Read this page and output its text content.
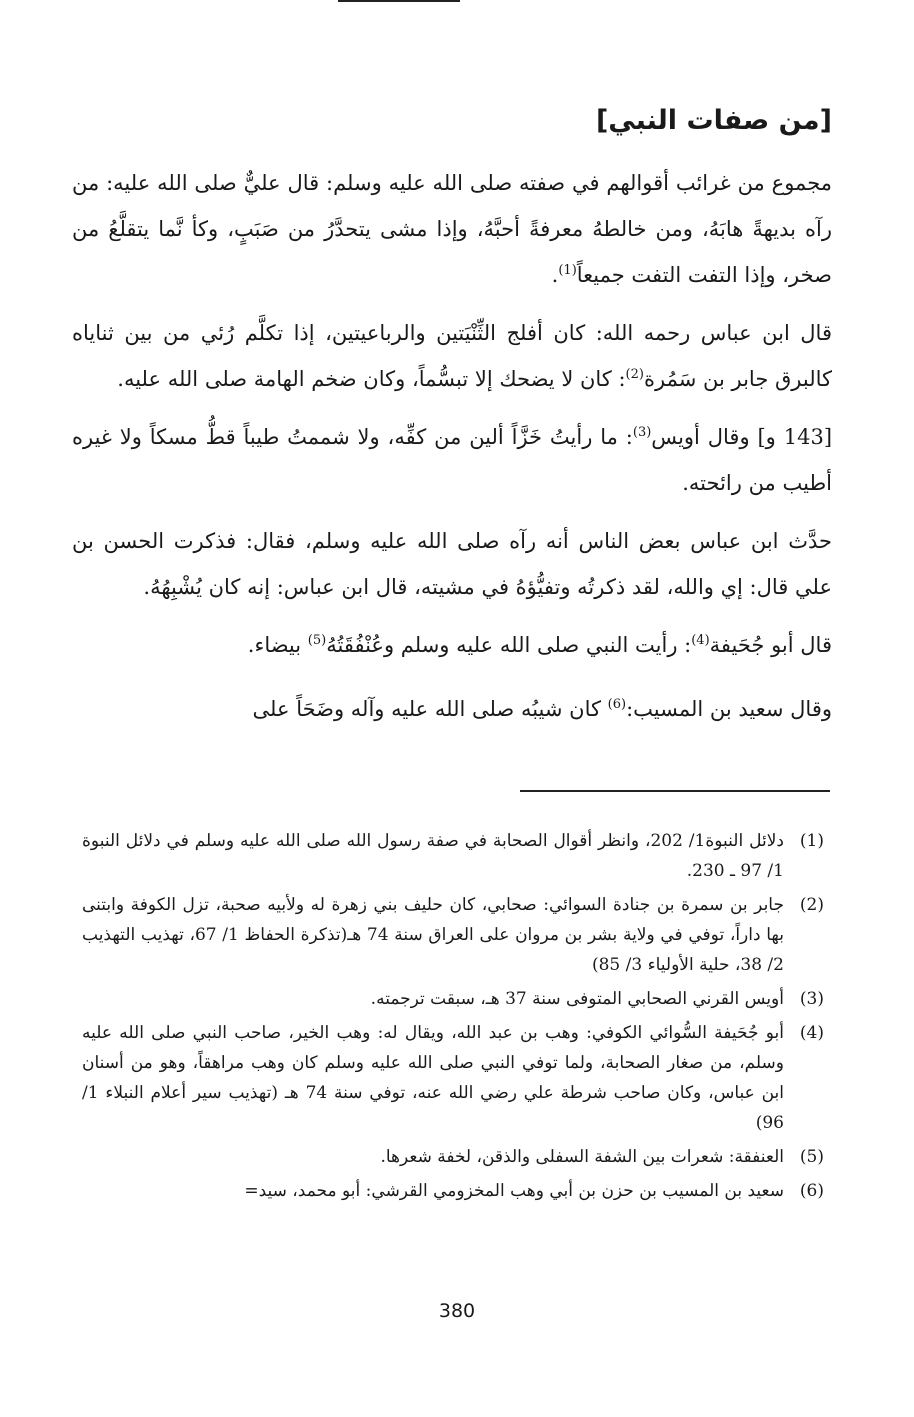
[من صفات النبي]

مجموع من غرائب أقوالهم في صفته صلى الله عليه وسلم: قال عليٌّ صلى الله عليه: من رآه بديهةً هابَهُ، ومن خالطهُ معرفةً أحبَّهُ، وإذا مشى يتحدَّرُ من صَبَبٍ، وكأ نَّما يتقلَّعُ من صخر، وإذا التفت التفت جميعاً$^{(1)}$.

قال ابن عباس رحمه الله: كان أفلج الثِّنْيَتين والرباعيتين، إذا تكلَّم رُئي من بين ثناياه كالبرق جابر بن سَمُرة$^{(2)}$: كان لا يضحك إلا تبسُّماً، وكان ضخم الهامة صلى الله عليه.

[143 و] وقال أويس$^{(3)}$: ما رأيتُ خَزَّاً ألين من كفِّه، ولا شممتُ طيباً قطُّ مسكاً ولا غيره أطيب من رائحته.

حدَّث ابن عباس بعض الناس أنه رآه صلى الله عليه وسلم، فقال: فذكرت الحسن بن علي قال: إي والله، لقد ذكرتُه وتفيُّؤهُ في مشيته، قال ابن عباس: إنه كان يُشْبِهُهُ.

قال أبو جُحَيفة$^{(4)}$: رأيت النبي صلى الله عليه وسلم وعُنْفُقَتُهُ$^{(5)}$ بيضاء.

وقال سعيد بن المسيب:$^{(6)}$ كان شيبُه صلى الله عليه وآله وضَحَاً على

(1)
دلائل النبوة1/ 202، وانظر أقوال الصحابة في صفة رسول الله صلى الله عليه وسلم في دلائل النبوة 1/ 97 ـ 230.
(2)
جابر بن سمرة بن جنادة السوائي: صحابي، كان حليف بني زهرة له ولأبيه صحبة، تزل الكوفة وابتنى بها داراً، توفي في ولاية بشر بن مروان على العراق سنة 74 هـ(تذكرة الحفاظ 1/ 67، تهذيب التهذيب 2/ 38، حلية الأولياء 3/ 85)
(3)
أويس القرني الصحابي المتوفى سنة 37 هـ، سبقت ترجمته.
(4)
أبو جُحَيفة السُّوائي الكوفي: وهب بن عبد الله، ويقال له: وهب الخير، صاحب النبي صلى الله عليه وسلم، من صغار الصحابة، ولما توفي النبي صلى الله عليه وسلم كان وهب مراهقاً، وهو من أسنان ابن عباس، وكان صاحب شرطة علي رضي الله عنه، توفي سنة 74 هـ (تهذيب سير أعلام النبلاء 1/ 96)
(5)
العنفقة: شعرات بين الشفة السفلى والذقن، لخفة شعرها.
(6)
سعيد بن المسيب بن حزن بن أبي وهب المخزومي القرشي: أبو محمد، سيد=
380
